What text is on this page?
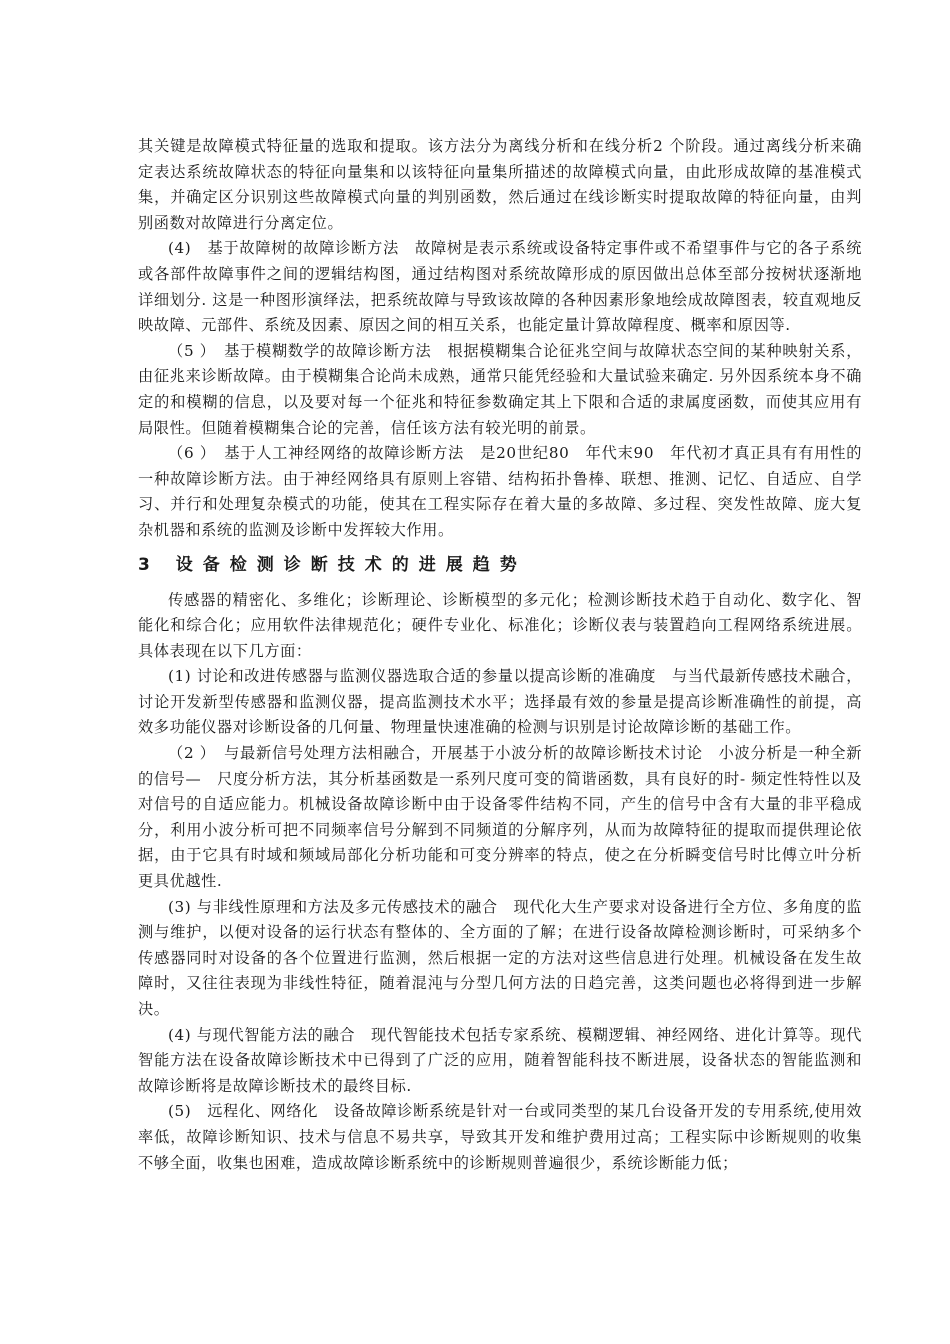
其关键是故障模式特征量的选取和提取。该方法分为离线分析和在线分析2 个阶段。通过离线分析来确定表达系统故障状态的特征向量集和以该特征向量集所描述的故障模式向量，由此形成故障的基准模式集，并确定区分识别这些故障模式向量的判别函数，然后通过在线诊断实时提取故障的特征向量，由判别函数对故障进行分离定位。

(4)　基于故障树的故障诊断方法　故障树是表示系统或设备特定事件或不希望事件与它的各子系统或各部件故障事件之间的逻辑结构图，通过结构图对系统故障形成的原因做出总体至部分按树状逐渐地详细划分. 这是一种图形演绎法，把系统故障与导致该故障的各种因素形象地绘成故障图表，较直观地反映故障、元部件、系统及因素、原因之间的相互关系，也能定量计算故障程度、概率和原因等.

（5 ）　基于模糊数学的故障诊断方法　根据模糊集合论征兆空间与故障状态空间的某种映射关系，由征兆来诊断故障。由于模糊集合论尚未成熟，通常只能凭经验和大量试验来确定. 另外因系统本身不确定的和模糊的信息，以及要对每一个征兆和特征参数确定其上下限和合适的隶属度函数，而使其应用有局限性。但随着模糊集合论的完善，信任该方法有较光明的前景。

（6 ）　基于人工神经网络的故障诊断方法　是20世纪80　年代末90　年代初才真正具有有用性的一种故障诊断方法。由于神经网络具有原则上容错、结构拓扑鲁棒、联想、推测、记忆、自适应、自学习、并行和处理复杂模式的功能，使其在工程实际存在着大量的多故障、多过程、突发性故障、庞大复杂机器和系统的监测及诊断中发挥较大作用。

3 设备检测诊断技术的进展趋势

传感器的精密化、多维化；诊断理论、诊断模型的多元化；检测诊断技术趋于自动化、数字化、智能化和综合化；应用软件法律规范化；硬件专业化、标准化；诊断仪表与装置趋向工程网络系统进展。具体表现在以下几方面：

(1) 讨论和改进传感器与监测仪器选取合适的参量以提高诊断的准确度　与当代最新传感技术融合，讨论开发新型传感器和监测仪器，提高监测技术水平；选择最有效的参量是提高诊断准确性的前提，高效多功能仪器对诊断设备的几何量、物理量快速准确的检测与识别是讨论故障诊断的基础工作。

（2 ）　与最新信号处理方法相融合，开展基于小波分析的故障诊断技术讨论　小波分析是一种全新的信号—　尺度分析方法，其分析基函数是一系列尺度可变的简谐函数，具有良好的时- 频定性特性以及对信号的自适应能力。机械设备故障诊断中由于设备零件结构不同，产生的信号中含有大量的非平稳成分，利用小波分析可把不同频率信号分解到不同频道的分解序列，从而为故障特征的提取而提供理论依据，由于它具有时域和频域局部化分析功能和可变分辨率的特点，使之在分析瞬变信号时比傅立叶分析更具优越性.

(3) 与非线性原理和方法及多元传感技术的融合　现代化大生产要求对设备进行全方位、多角度的监测与维护，以便对设备的运行状态有整体的、全方面的了解；在进行设备故障检测诊断时，可采纳多个传感器同时对设备的各个位置进行监测，然后根据一定的方法对这些信息进行处理。机械设备在发生故障时，又往往表现为非线性特征，随着混沌与分型几何方法的日趋完善，这类问题也必将得到进一步解决。

(4) 与现代智能方法的融合　现代智能技术包括专家系统、模糊逻辑、神经网络、进化计算等。现代智能方法在设备故障诊断技术中已得到了广泛的应用，随着智能科技不断进展，设备状态的智能监测和故障诊断将是故障诊断技术的最终目标.

(5)　远程化、网络化　设备故障诊断系统是针对一台或同类型的某几台设备开发的专用系统,使用效率低，故障诊断知识、技术与信息不易共享，导致其开发和维护费用过高；工程实际中诊断规则的收集不够全面，收集也困难，造成故障诊断系统中的诊断规则普遍很少，系统诊断能力低；
